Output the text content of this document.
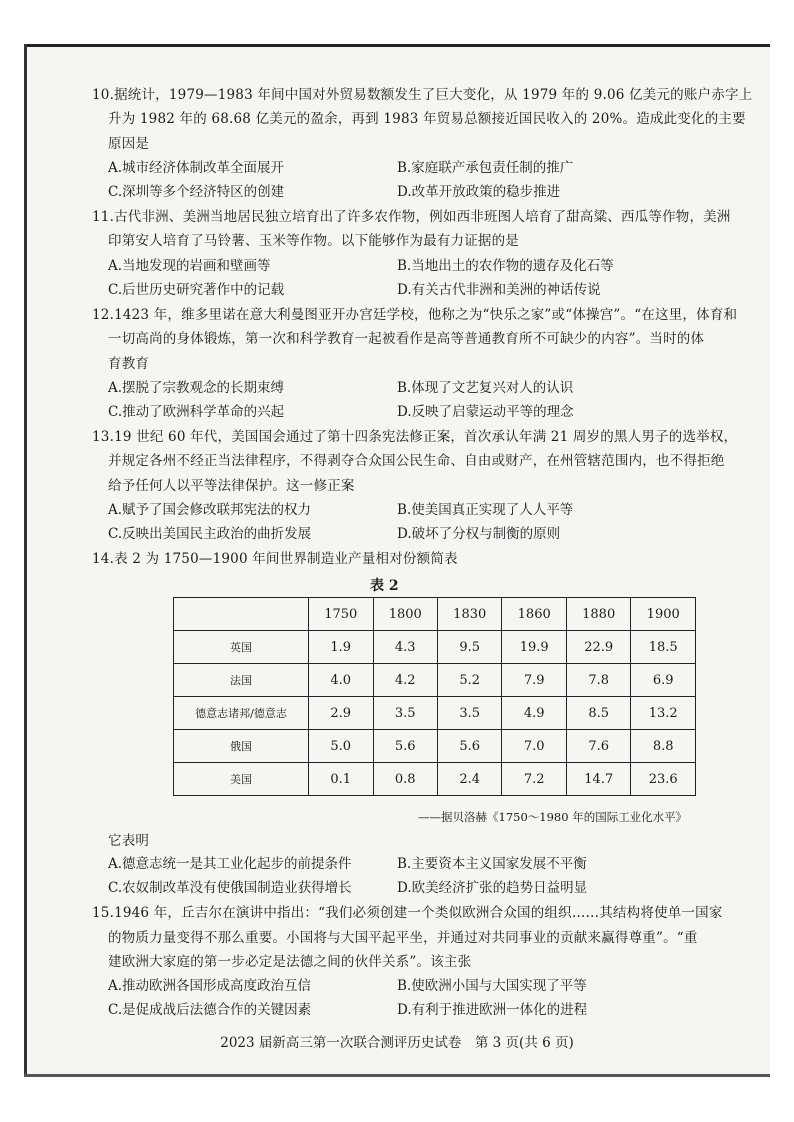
10.据统计，1979—1983 年间中国对外贸易数额发生了巨大变化，从 1979 年的 9.06 亿美元的账户赤字上
升为 1982 年的 68.68 亿美元的盈余，再到 1983 年贸易总额接近国民收入的 20%。造成此变化的主要
原因是
A.城市经济体制改革全面展开	B.家庭联产承包责任制的推广
C.深圳等多个经济特区的创建	D.改革开放政策的稳步推进
11.古代非洲、美洲当地居民独立培育出了许多农作物，例如西非班图人培育了甜高粱、西瓜等作物，美洲
印第安人培育了马铃薯、玉米等作物。以下能够作为最有力证据的是
A.当地发现的岩画和壁画等	B.当地出土的农作物的遗存及化石等
C.后世历史研究著作中的记载	D.有关古代非洲和美洲的神话传说
12.1423 年，维多里诺在意大利曼图亚开办宫廷学校，他称之为“快乐之家”或“体操宫”。“在这里，体育和
一切高尚的身体锻炼，第一次和科学教育一起被看作是高等普通教育所不可缺少的内容”。当时的体
育教育
A.摆脱了宗教观念的长期束缚	B.体现了文艺复兴对人的认识
C.推动了欧洲科学革命的兴起	D.反映了启蒙运动平等的理念
13.19 世纪 60 年代，美国国会通过了第十四条宪法修正案，首次承认年满 21 周岁的黑人男子的选举权，
并规定各州不经正当法律程序，不得剥夺合众国公民生命、自由或财产，在州管辖范围内，也不得拒绝
给予任何人以平等法律保护。这一修正案
A.赋予了国会修改联邦宪法的权力	B.使美国真正实现了人人平等
C.反映出美国民主政治的曲折发展	D.破坏了分权与制衡的原则
14.表 2 为 1750—1900 年间世界制造业产量相对份额简表
表 2
	1750	1800	1830	1860	1880	1900
英国	1.9	4.3	9.5	19.9	22.9	18.5
法国	4.0	4.2	5.2	7.9	7.8	6.9
德意志诸邦/德意志	2.9	3.5	3.5	4.9	8.5	13.2
俄国	5.0	5.6	5.6	7.0	7.6	8.8
美国	0.1	0.8	2.4	7.2	14.7	23.6
——据贝洛赫《1750～1980 年的国际工业化水平》
它表明
A.德意志统一是其工业化起步的前提条件	B.主要资本主义国家发展不平衡
C.农奴制改革没有使俄国制造业获得增长	D.欧美经济扩张的趋势日益明显
15.1946 年，丘吉尔在演讲中指出：“我们必须创建一个类似欧洲合众国的组织……其结构将使单一国家
的物质力量变得不那么重要。小国将与大国平起平坐，并通过对共同事业的贡献来赢得尊重”。“重
建欧洲大家庭的第一步必定是法德之间的伙伴关系”。该主张
A.推动欧洲各国形成高度政治互信	B.使欧洲小国与大国实现了平等
C.是促成战后法德合作的关键因素	D.有利于推进欧洲一体化的进程
2023 届新高三第一次联合测评历史试卷　第 3 页(共 6 页)
